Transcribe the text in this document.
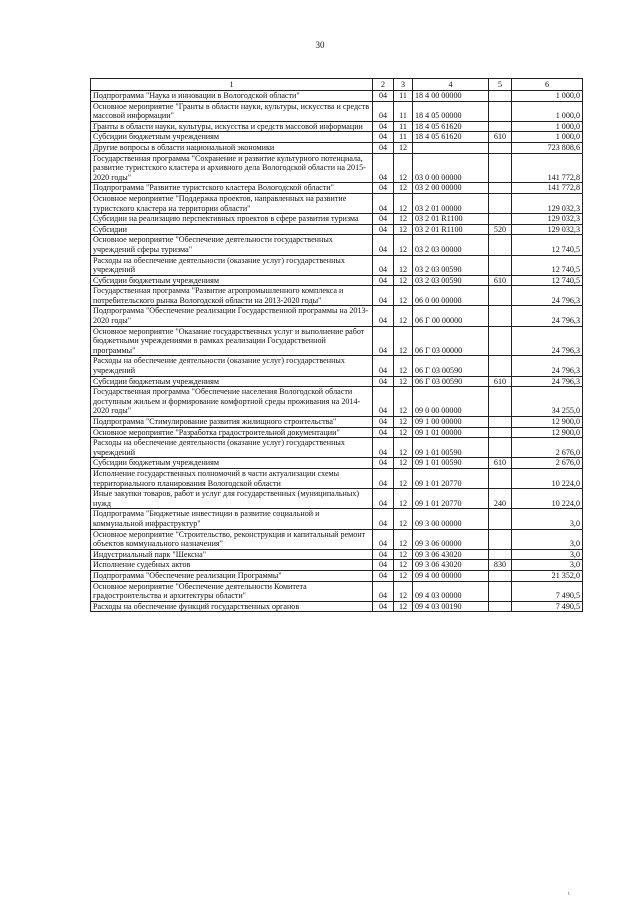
30
1	2	3	4	5	6
Подпрограмма "Наука и инновации в Вологодской области"	04	11	18 4 00 00000		1 000,0
Основное мероприятие "Гранты в области науки, культуры, искусства и средств массовой информации"	04	11	18 4 05 00000		1 000,0
Гранты в области науки, культуры, искусства и средств массовой информации	04	11	18 4 05 61620		1 000,0
Субсидии бюджетным учреждениям	04	11	18 4 05 61620	610	1 000,0
Другие вопросы в области национальной экономики	04	12			723 808,6
Государственная программа "Сохранение и развитие культурного потенциала, развитие туристского кластера и архивного дела Вологодской области на 2015-2020 годы"	04	12	03 0 00 00000		141 772,8
Подпрограмма "Развитие туристского кластера Вологодской области"	04	12	03 2 00 00000		141 772,8
Основное мероприятие "Поддержка проектов, направленных на развитие туристского кластера на территории области"	04	12	03 2 01 00000		129 032,3
Субсидии на реализацию перспективных проектов в сфере развития туризма	04	12	03 2 01 R1100		129 032,3
Субсидии	04	12	03 2 01 R1100	520	129 032,3
Основное мероприятие "Обеспечение деятельности государственных учреждений сферы туризма"	04	12	03 2 03 00000		12 740,5
Расходы на обеспечение деятельности (оказание услуг) государственных учреждений	04	12	03 2 03 00590		12 740,5
Субсидии бюджетным учреждениям	04	12	03 2 03 00590	610	12 740,5
Государственная программа "Развитие агропромышленного комплекса и потребительского рынка Вологодской области на 2013-2020 годы"	04	12	06 0 00 00000		24 796,3
Подпрограмма "Обеспечение реализации Государственной программы на 2013-2020 годы"	04	12	06 Г 00 00000		24 796,3
Основное мероприятие "Оказание государственных услуг и выполнение работ бюджетными учреждениями в рамках реализации Государственной программы"	04	12	06 Г 03 00000		24 796,3
Расходы на обеспечение деятельности (оказание услуг) государственных учреждений	04	12	06 Г 03 00590		24 796,3
Субсидии бюджетным учреждениям	04	12	06 Г 03 00590	610	24 796,3
Государственная программа "Обеспечение населения Вологодской области доступным жильем и формирование комфортной среды проживания на 2014-2020 годы"	04	12	09 0 00 00000		34 255,0
Подпрограмма "Стимулирование развития жилищного строительства"	04	12	09 1 00 00000		12 900,0
Основное мероприятие "Разработка градостроительной документации"	04	12	09 1 01 00000		12 900,0
Расходы на обеспечение деятельности (оказание услуг) государственных учреждений	04	12	09 1 01 00590		2 676,0
Субсидии бюджетным учреждениям	04	12	09 1 01 00590	610	2 676,0
Исполнение государственных полномочий в части актуализации схемы территориального планирования Вологодской области	04	12	09 1 01 20770		10 224,0
Иные закупки товаров, работ и услуг для государственных (муниципальных) нужд	04	12	09 1 01 20770	240	10 224,0
Подпрограмма "Бюджетные инвестиции в развитие социальной и коммунальной инфраструктур"	04	12	09 3 00 00000		3,0
Основное мероприятие "Строительство, реконструкция и капитальный ремонт объектов коммунального назначения"	04	12	09 3 06 00000		3,0
Индустриальный парк "Шексна"	04	12	09 3 06 43020		3,0
Исполнение судебных актов	04	12	09 3 06 43020	830	3,0
Подпрограмма "Обеспечение реализации Программы"	04	12	09 4 00 00000		21 352,0
Основное мероприятие "Обеспечение деятельности Комитета градостроительства и архитектуры области"	04	12	09 4 03 00000		7 490,5
Расходы на обеспечение функций государственных органов	04	12	09 4 03 00190		7 490,5
ι
